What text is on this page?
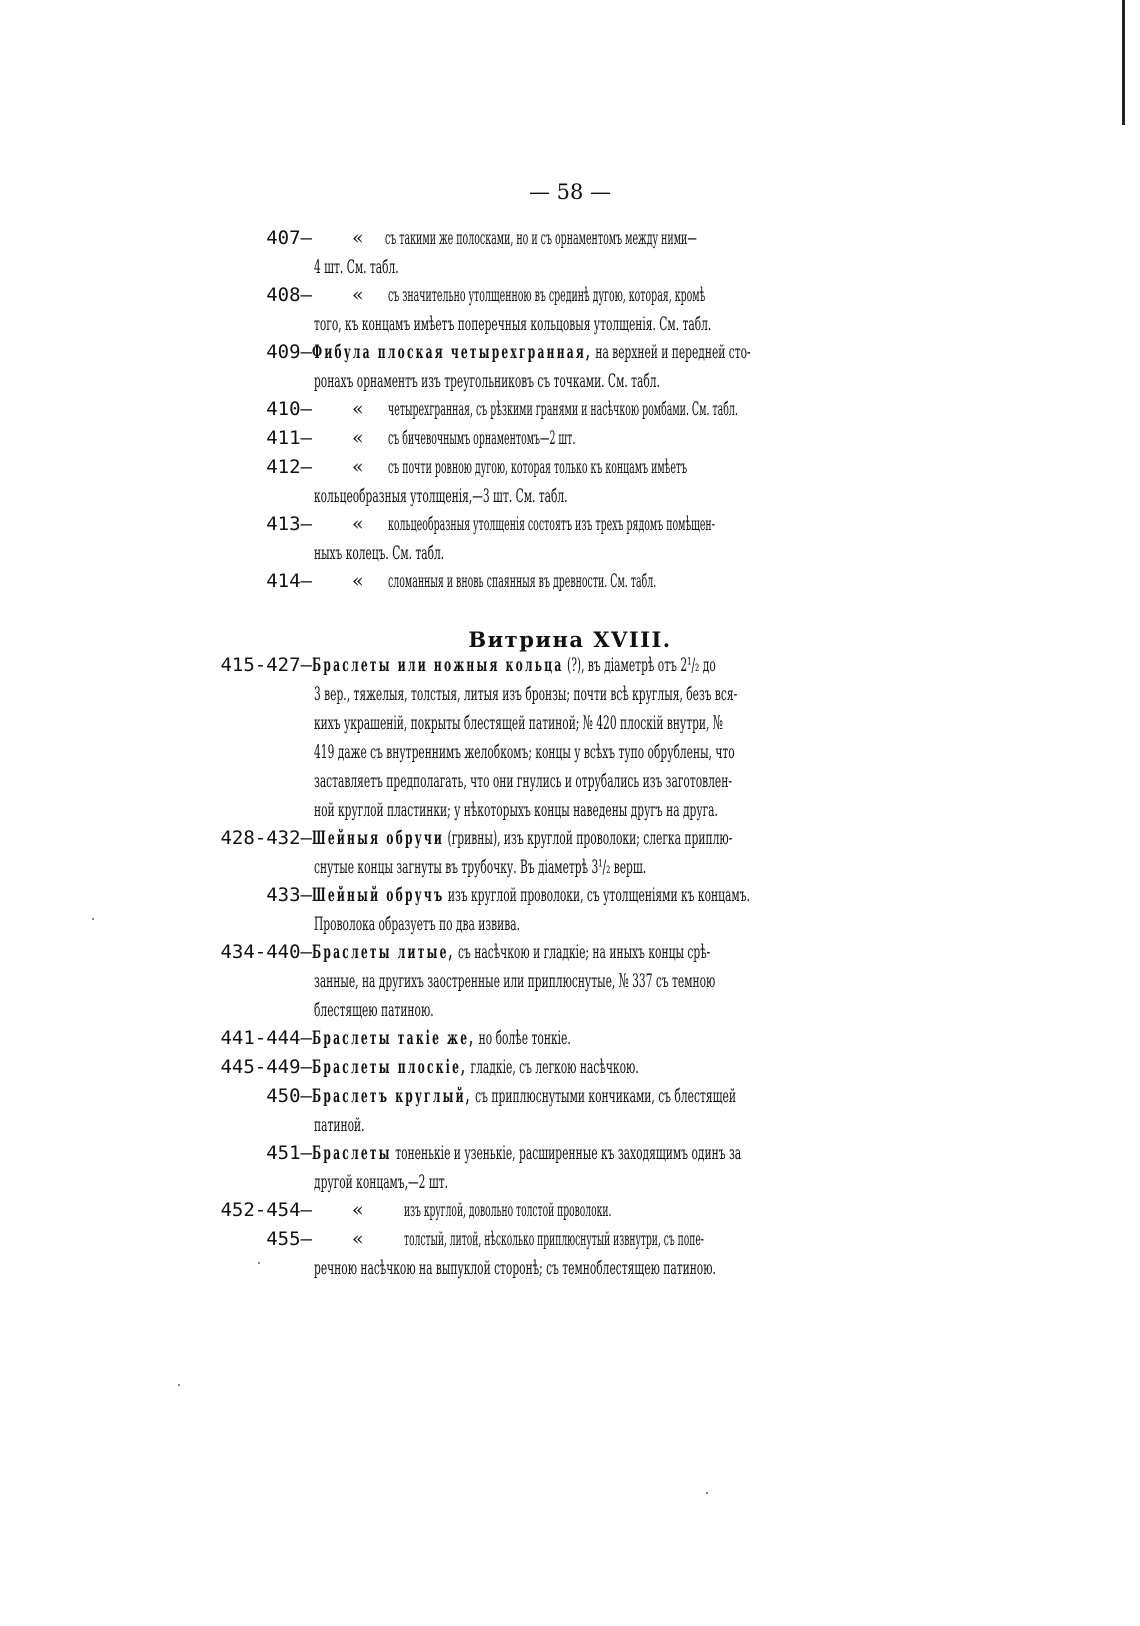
— 58 —
407— « съ такими же полосками, но и съ орнаментомъ между ними—
4 шт. См. табл.
408— « съ значительно утолщенною въ срединѣ дугою, которая, кромѣ
того, къ концамъ имѣетъ поперечныя кольцовыя утолщенія. См. табл.
409— Фибула плоская четырехгранная, на верхней и передней сто-
ронахъ орнаментъ изъ треугольниковъ съ точками. См. табл.
410— « четырехгранная, съ рѣзкими гранями и насѣчкою ромбами. См. табл.
411— « съ бичевочнымъ орнаментомъ—2 шт.
412— « съ почти ровною дугою, которая только къ концамъ имѣетъ
кольцеобразныя утолщенія,—3 шт. См. табл.
413— « кольцеобразныя утолщенія состоятъ изъ трехъ рядомъ помѣщен-
ныхъ колецъ. См. табл.
414— « сломанныя и вновь спаянныя въ древности. См. табл.
415-427— Браслеты или ножныя кольца (?), въ діаметрѣ отъ 2¹/₂ до
3 вер., тяжелыя, толстыя, литыя изъ бронзы; почти всѣ круглыя, безъ вся-
кихъ украшеній, покрыты блестящей патиной; № 420 плоскій внутри, №
419 даже съ внутреннимъ желобкомъ; концы у всѣхъ тупо обрублены, что
заставляетъ предполагать, что они гнулись и отрубались изъ заготовлен-
ной круглой пластинки; у нѣкоторыхъ концы наведены другъ на друга.
428-432— Шейныя обручи (гривны), изъ круглой проволоки; слегка приплю-
снутые концы загнуты въ трубочку. Въ діаметрѣ 3¹/₂ верш.
433— Шейный обручъ изъ круглой проволоки, съ утолщеніями къ концамъ.
Проволока образуетъ по два извива.
434-440— Браслеты литые, съ насѣчкою и гладкіе; на иныхъ концы срѣ-
занные, на другихъ заостренные или приплюснутые, № 337 съ темною
блестящею патиною.
441-444— Браслеты такіе же, но болѣе тонкіе.
445-449— Браслеты плоскіе, гладкіе, съ легкою насѣчкою.
450— Браслетъ круглый, съ приплюснутыми кончиками, съ блестящей
патиной.
451— Браслеты тоненькіе и узенькіе, расширенные къ заходящимъ одинъ за
другой концамъ,—2 шт.
452-454— « изъ круглой, довольно толстой проволоки.
455— « толстый, литой, нѣсколько приплюснутый извнутри, съ попе-
речною насѣчкою на выпуклой сторонѣ; съ темноблестящею патиною.
Витрина XVIII.
